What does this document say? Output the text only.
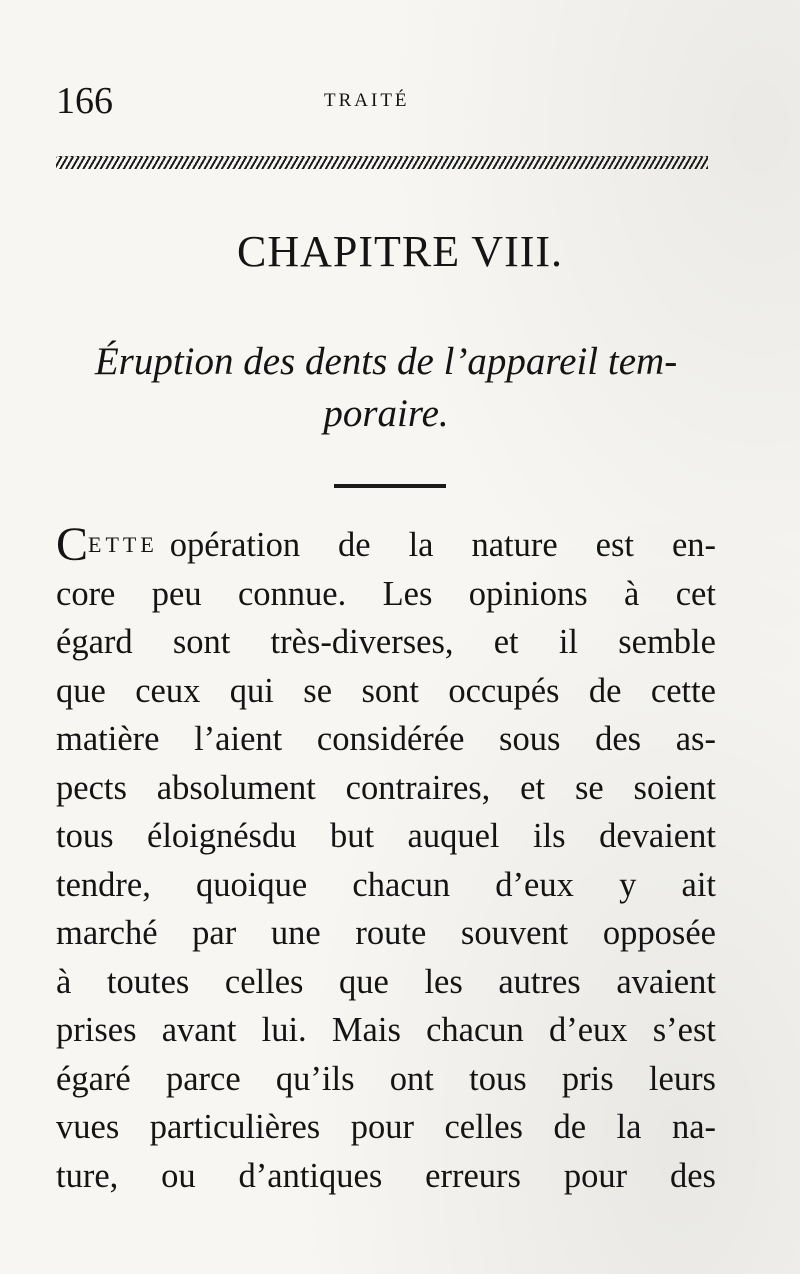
166	TRAITÉ
CHAPITRE VIII.
Éruption des dents de l’appareil tem-
poraire.
C ETTE opération de la nature est en-
core peu connue. Les opinions à cet
égard sont très-diverses, et il semble
que ceux qui se sont occupés de cette
matière l’aient considérée sous des as-
pects absolument contraires, et se soient
tous éloignésdu but auquel ils devaient
tendre, quoique chacun d’eux y ait
marché par une route souvent opposée
à toutes celles que les autres avaient
prises avant lui. Mais chacun d’eux s’est
égaré parce qu’ils ont tous pris leurs
vues particulières pour celles de la na-
ture, ou d’antiques erreurs pour des
